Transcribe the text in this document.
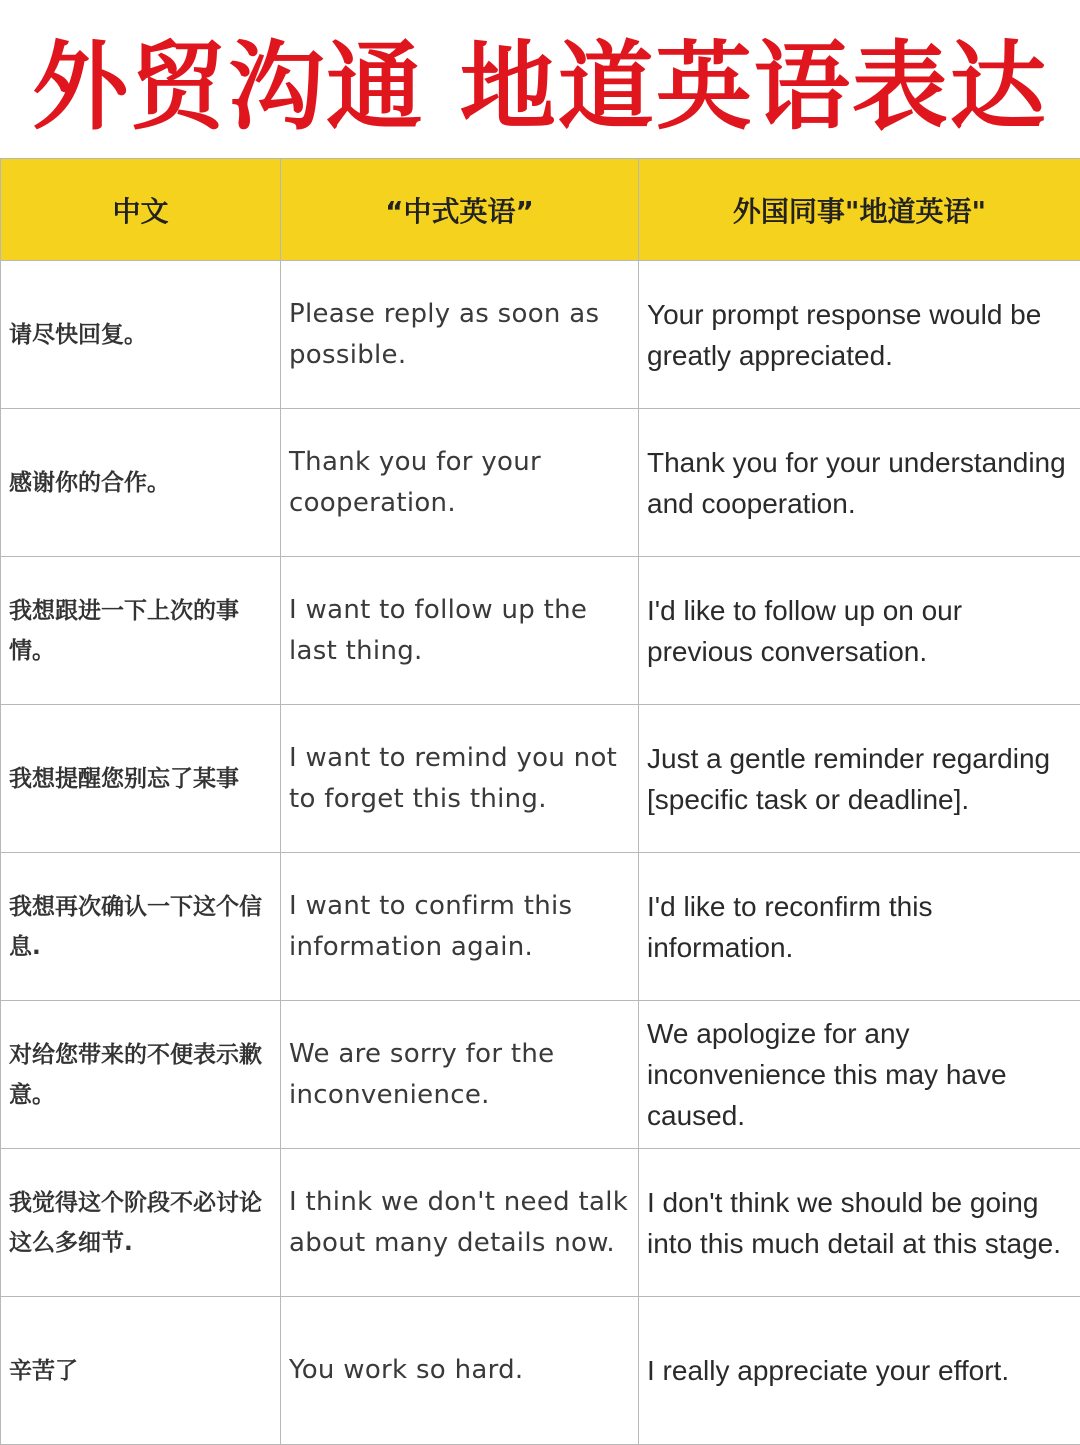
外贸沟通 地道英语表达
中文	“中式英语”	外国同事"地道英语"
请尽快回复。	Please reply as soon as possible.	Your prompt response would be greatly appreciated.
感谢你的合作。	Thank you for your cooperation.	Thank you for your understanding and cooperation.
我想跟进一下上次的事情。	I want to follow up the last thing.	I'd like to follow up on our previous conversation.
我想提醒您别忘了某事	I want to remind you not to forget this thing.	Just a gentle reminder regarding [specific task or deadline].
我想再次确认一下这个信息.	I want to confirm this information again.	I'd like to reconfirm this information.
对给您带来的不便表示歉意。	We are sorry for the inconvenience.	We apologize for any inconvenience this may have caused.
我觉得这个阶段不必讨论这么多细节.	I think we don't need talk about many details now.	I don't think we should be going into this much detail at this stage.
辛苦了	You work so hard.	I really appreciate your effort.
